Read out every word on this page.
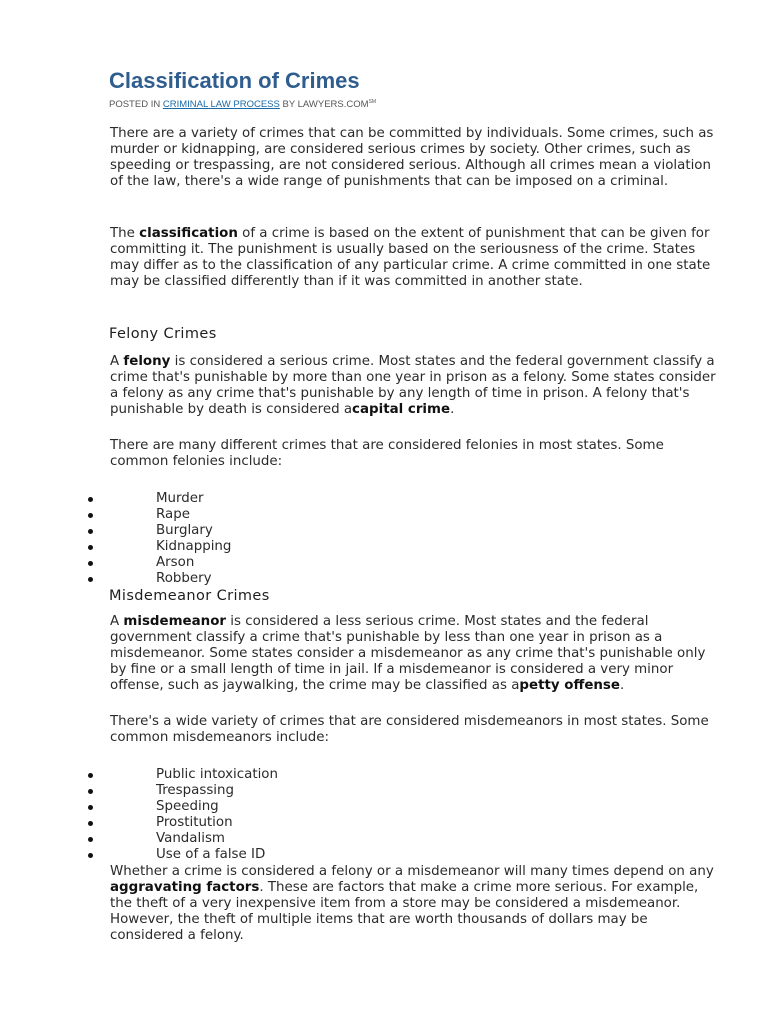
Classification of Crimes
POSTED IN CRIMINAL LAW PROCESS BY LAWYERS.COM℠

There are a variety of crimes that can be committed by individuals. Some crimes, such as murder or kidnapping, are considered serious crimes by society. Other crimes, such as speeding or trespassing, are not considered serious. Although all crimes mean a violation of the law, there's a wide range of punishments that can be imposed on a criminal.

The classification of a crime is based on the extent of punishment that can be given for committing it. The punishment is usually based on the seriousness of the crime. States may differ as to the classification of any particular crime. A crime committed in one state may be classified differently than if it was committed in another state.

Felony Crimes

A felony is considered a serious crime. Most states and the federal government classify a crime that's punishable by more than one year in prison as a felony. Some states consider a felony as any crime that's punishable by any length of time in prison. A felony that's punishable by death is considered acapital crime.

There are many different crimes that are considered felonies in most states. Some common felonies include:

Murder
Rape
Burglary
Kidnapping
Arson
Robbery
Misdemeanor Crimes

A misdemeanor is considered a less serious crime. Most states and the federal government classify a crime that's punishable by less than one year in prison as a misdemeanor. Some states consider a misdemeanor as any crime that's punishable only by fine or a small length of time in jail. If a misdemeanor is considered a very minor offense, such as jaywalking, the crime may be classified as apetty offense.

There's a wide variety of crimes that are considered misdemeanors in most states. Some common misdemeanors include:

Public intoxication
Trespassing
Speeding
Prostitution
Vandalism
Use of a false ID

Whether a crime is considered a felony or a misdemeanor will many times depend on any aggravating factors. These are factors that make a crime more serious. For example, the theft of a very inexpensive item from a store may be considered a misdemeanor. However, the theft of multiple items that are worth thousands of dollars may be considered a felony.
